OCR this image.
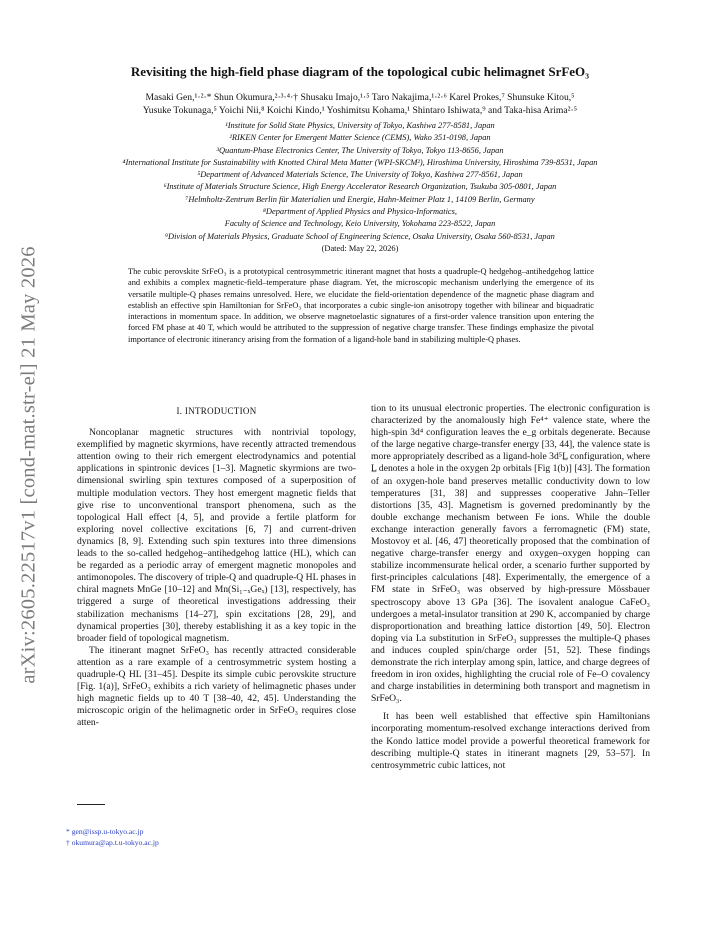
arXiv:2605.22517v1 [cond-mat.str-el] 21 May 2026
Revisiting the high-field phase diagram of the topological cubic helimagnet SrFeO₃
Masaki Gen,¹·²·* Shun Okumura,²·³·⁴·† Shusaku Imajo,¹·⁵ Taro Nakajima,¹·²·⁶ Karel Prokes,⁷ Shunsuke Kitou,⁵
Yusuke Tokunaga,⁵ Yoichi Nii,⁸ Koichi Kindo,¹ Yoshimitsu Kohama,¹ Shintaro Ishiwata,⁹ and Taka-hisa Arima²·⁵
¹Institute for Solid State Physics, University of Tokyo, Kashiwa 277-8581, Japan
²RIKEN Center for Emergent Matter Science (CEMS), Wako 351-0198, Japan
³Quantum-Phase Electronics Center, The University of Tokyo, Tokyo 113-8656, Japan
⁴International Institute for Sustainability with Knotted Chiral Meta Matter (WPI-SKCM²), Hiroshima University, Hiroshima 739-8531, Japan
⁵Department of Advanced Materials Science, The University of Tokyo, Kashiwa 277-8561, Japan
⁶Institute of Materials Structure Science, High Energy Accelerator Research Organization, Tsukuba 305-0801, Japan
⁷Helmholtz-Zentrum Berlin für Materialien und Energie, Hahn-Meitner Platz 1, 14109 Berlin, Germany
⁸Department of Applied Physics and Physico-Informatics,
Faculty of Science and Technology, Keio University, Yokohama 223-8522, Japan
⁹Division of Materials Physics, Graduate School of Engineering Science, Osaka University, Osaka 560-8531, Japan
(Dated: May 22, 2026)
The cubic perovskite SrFeO₃ is a prototypical centrosymmetric itinerant magnet that hosts a quadruple-Q hedgehog–antihedgehog lattice and exhibits a complex magnetic-field–temperature phase diagram. Yet, the microscopic mechanism underlying the emergence of its versatile multiple-Q phases remains unresolved. Here, we elucidate the field-orientation dependence of the magnetic phase diagram and establish an effective spin Hamiltonian for SrFeO₃ that incorporates a cubic single-ion anisotropy together with bilinear and biquadratic interactions in momentum space. In addition, we observe magnetoelastic signatures of a first-order valence transition upon entering the forced FM phase at 40 T, which would be attributed to the suppression of negative charge transfer. These findings emphasize the pivotal importance of electronic itinerancy arising from the formation of a ligand-hole band in stabilizing multiple-Q phases.
I. INTRODUCTION

Noncoplanar magnetic structures with nontrivial topology, exemplified by magnetic skyrmions, have recently attracted tremendous attention owing to their rich emergent electrodynamics and potential applications in spintronic devices [1–3]. Magnetic skyrmions are two-dimensional swirling spin textures composed of a superposition of multiple modulation vectors. They host emergent magnetic fields that give rise to unconventional transport phenomena, such as the topological Hall effect [4, 5], and provide a fertile platform for exploring novel collective excitations [6, 7] and current-driven dynamics [8, 9]. Extending such spin textures into three dimensions leads to the so-called hedgehog–antihedgehog lattice (HL), which can be regarded as a periodic array of emergent magnetic monopoles and antimonopoles. The discovery of triple-Q and quadruple-Q HL phases in chiral magnets MnGe [10–12] and Mn(Si₁₋ₓGeₓ) [13], respectively, has triggered a surge of theoretical investigations addressing their stabilization mechanisms [14–27], spin excitations [28, 29], and dynamical properties [30], thereby establishing it as a key topic in the broader field of topological magnetism.

The itinerant magnet SrFeO₃ has recently attracted considerable attention as a rare example of a centrosymmetric system hosting a quadruple-Q HL [31–45]. Despite its simple cubic perovskite structure [Fig. 1(a)], SrFeO₃ exhibits a rich variety of helimagnetic phases under high magnetic fields up to 40 T [38–40, 42, 45]. Understanding the microscopic origin of the helimagnetic order in SrFeO₃ requires close atten-

tion to its unusual electronic properties. The electronic configuration is characterized by the anomalously high Fe⁴⁺ valence state, where the high-spin 3d⁴ configuration leaves the e_g orbitals degenerate. Because of the large negative charge-transfer energy [33, 44], the valence state is more appropriately described as a ligand-hole 3d⁵L̲ configuration, where L̲ denotes a hole in the oxygen 2p orbitals [Fig 1(b)] [43]. The formation of an oxygen-hole band preserves metallic conductivity down to low temperatures [31, 38] and suppresses cooperative Jahn–Teller distortions [35, 43]. Magnetism is governed predominantly by the double exchange mechanism between Fe ions. While the double exchange interaction generally favors a ferromagnetic (FM) state, Mostovoy et al. [46, 47] theoretically proposed that the combination of negative charge-transfer energy and oxygen–oxygen hopping can stabilize incommensurate helical order, a scenario further supported by first-principles calculations [48]. Experimentally, the emergence of a FM state in SrFeO₃ was observed by high-pressure Mössbauer spectroscopy above 13 GPa [36]. The isovalent analogue CaFeO₃ undergoes a metal-insulator transition at 290 K, accompanied by charge disproportionation and breathing lattice distortion [49, 50]. Electron doping via La substitution in SrFeO₃ suppresses the multiple-Q phases and induces coupled spin/charge order [51, 52]. These findings demonstrate the rich interplay among spin, lattice, and charge degrees of freedom in iron oxides, highlighting the crucial role of Fe–O covalency and charge instabilities in determining both transport and magnetism in SrFeO₃.

It has been well established that effective spin Hamiltonians incorporating momentum-resolved exchange interactions derived from the Kondo lattice model provide a powerful theoretical framework for describing multiple-Q states in itinerant magnets [29, 53–57]. In centrosymmetric cubic lattices, not

* gen@issp.u-tokyo.ac.jp
† okumura@ap.t.u-tokyo.ac.jp
